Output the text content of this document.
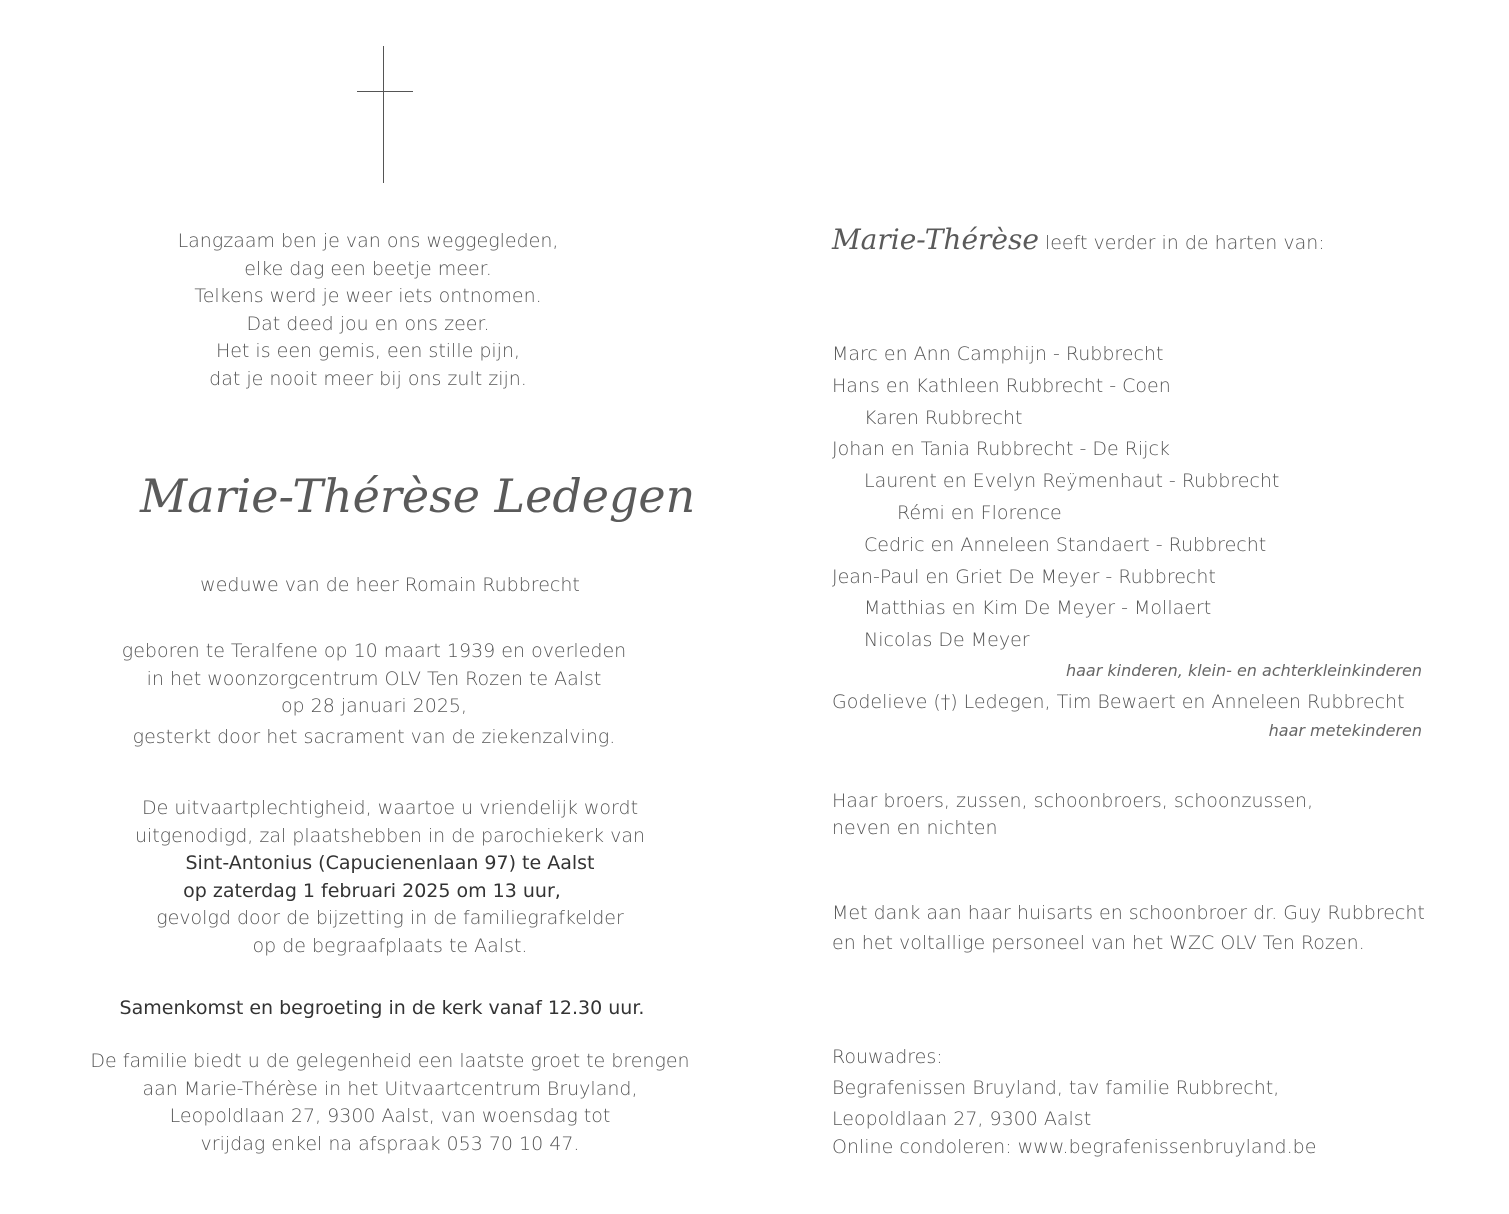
Langzaam ben je van ons weggegleden,
elke dag een beetje meer.
Telkens werd je weer iets ontnomen.
Dat deed jou en ons zeer.
Het is een gemis, een stille pijn,
dat je nooit meer bij ons zult zijn.
Marie-Thérèse Ledegen
weduwe van de heer Romain Rubbrecht
geboren te Teralfene op 10 maart 1939 en overleden
in het woonzorgcentrum OLV Ten Rozen te Aalst
op 28 januari 2025,
gesterkt door het sacrament van de ziekenzalving.
De uitvaartplechtigheid, waartoe u vriendelijk wordt
uitgenodigd, zal plaatshebben in de parochiekerk van
Sint-Antonius (Capucienenlaan 97) te Aalst
op zaterdag 1 februari 2025 om 13 uur,
gevolgd door de bijzetting in de familiegrafkelder
op de begraafplaats te Aalst.
Samenkomst en begroeting in de kerk vanaf 12.30 uur.
De familie biedt u de gelegenheid een laatste groet te brengen
aan Marie-Thérèse in het Uitvaartcentrum Bruyland,
Leopoldlaan 27, 9300 Aalst, van woensdag tot
vrijdag enkel na afspraak 053 70 10 47.
Marie-Thérèse leeft verder in de harten van:
Marc en Ann Camphijn - Rubbrecht
Hans en Kathleen Rubbrecht - Coen
Karen Rubbrecht
Johan en Tania Rubbrecht - De Rijck
Laurent en Evelyn Reÿmenhaut - Rubbrecht
Rémi en Florence
Cedric en Anneleen Standaert - Rubbrecht
Jean-Paul en Griet De Meyer - Rubbrecht
Matthias en Kim De Meyer - Mollaert
Nicolas De Meyer
haar kinderen, klein- en achterkleinkinderen
Godelieve (†) Ledegen, Tim Bewaert en Anneleen Rubbrecht
haar metekinderen
Haar broers, zussen, schoonbroers, schoonzussen,
neven en nichten
Met dank aan haar huisarts en schoonbroer dr. Guy Rubbrecht
en het voltallige personeel van het WZC OLV Ten Rozen.
Rouwadres:
Begrafenissen Bruyland, tav familie Rubbrecht,
Leopoldlaan 27, 9300 Aalst
Online condoleren: www.begrafenissenbruyland.be
